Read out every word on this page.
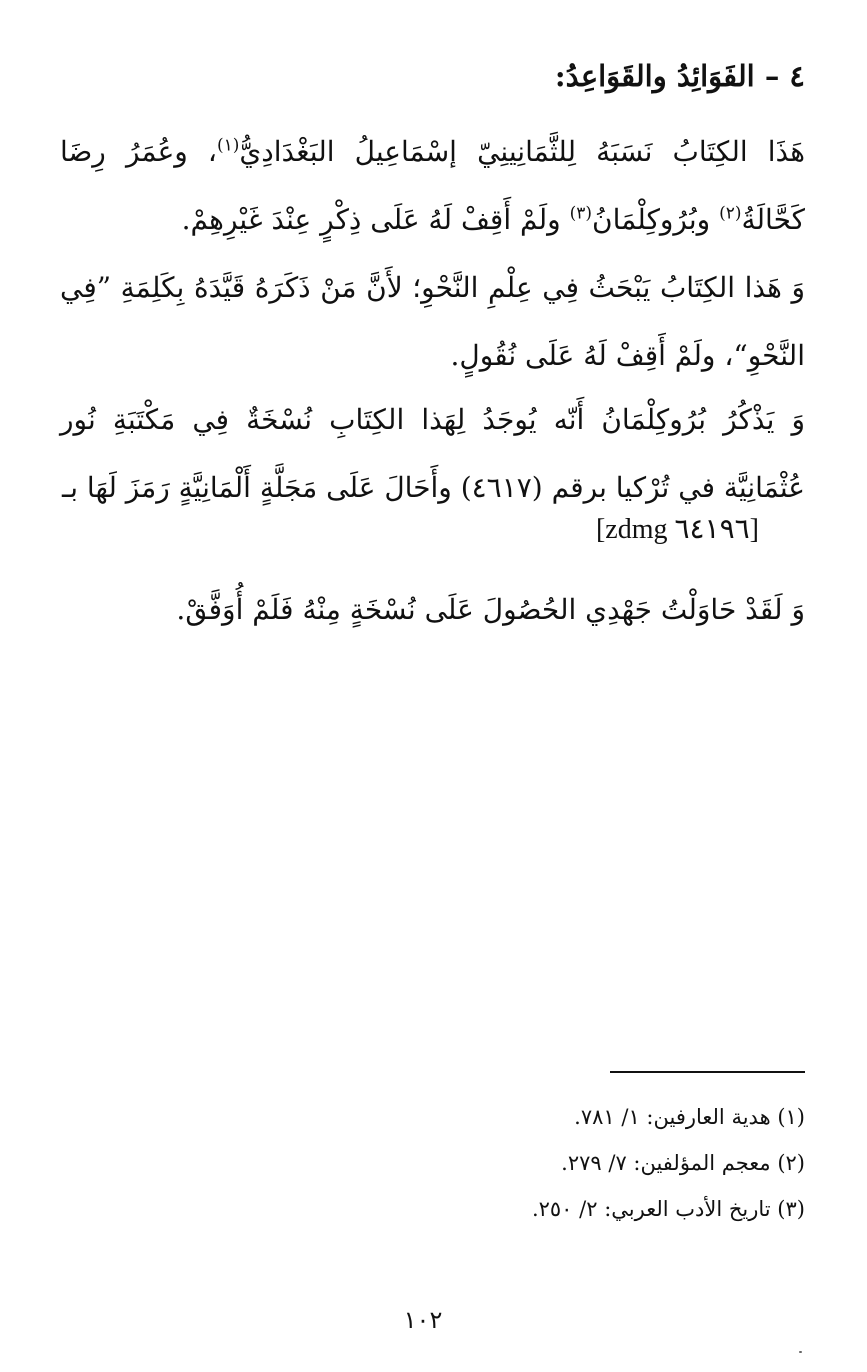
٤ – الفَوَائِدُ والقَوَاعِدُ:
هَذَا الكِتَابُ نَسَبَهُ لِلثَّمَانِينِيّ إسْمَاعِيلُ البَغْدَادِيُّ$^{(١)}$، وعُمَرُ رِضَا كَحَّالَةُ$^{(٢)}$ وبُرُوكِلْمَانُ$^{(٣)}$ ولَمْ أَقِفْ لَهُ عَلَى ذِكْرٍ عِنْدَ غَيْرِهِمْ.
وَ هَذا الكِتَابُ يَبْحَثُ فِي عِلْمِ النَّحْوِ؛ لأَنَّ مَنْ ذَكَرَهُ قَيَّدَهُ بِكَلِمَةِ ”فِي النَّحْوِ“، ولَمْ أَقِفْ لَهُ عَلَى نُقُولٍ.
وَ يَذْكُرُ بُرُوكِلْمَانُ أَنّه يُوجَدُ لِهَذا الكِتَابِ نُسْخَةٌ فِي مَكْتَبَةِ نُور عُثْمَانِيَّة في تُرْكيا برقم (٤٦١٧) وأَحَالَ عَلَى مَجَلَّةٍ أَلْمَانِيَّةٍ رَمَزَ لَهَا بـ
[zdmg ٦٤١٩٦]
وَ لَقَدْ حَاوَلْتُ جَهْدِي الحُصُولَ عَلَى نُسْخَةٍ مِنْهُ فَلَمْ أُوَفَّقْ.
(١) هدية العارفين: ١/ ٧٨١.
(٢) معجم المؤلفين: ٧/ ٢٧٩.
(٣) تاريخ الأدب العربي: ٢/ ٢٥٠.
١٠٢
